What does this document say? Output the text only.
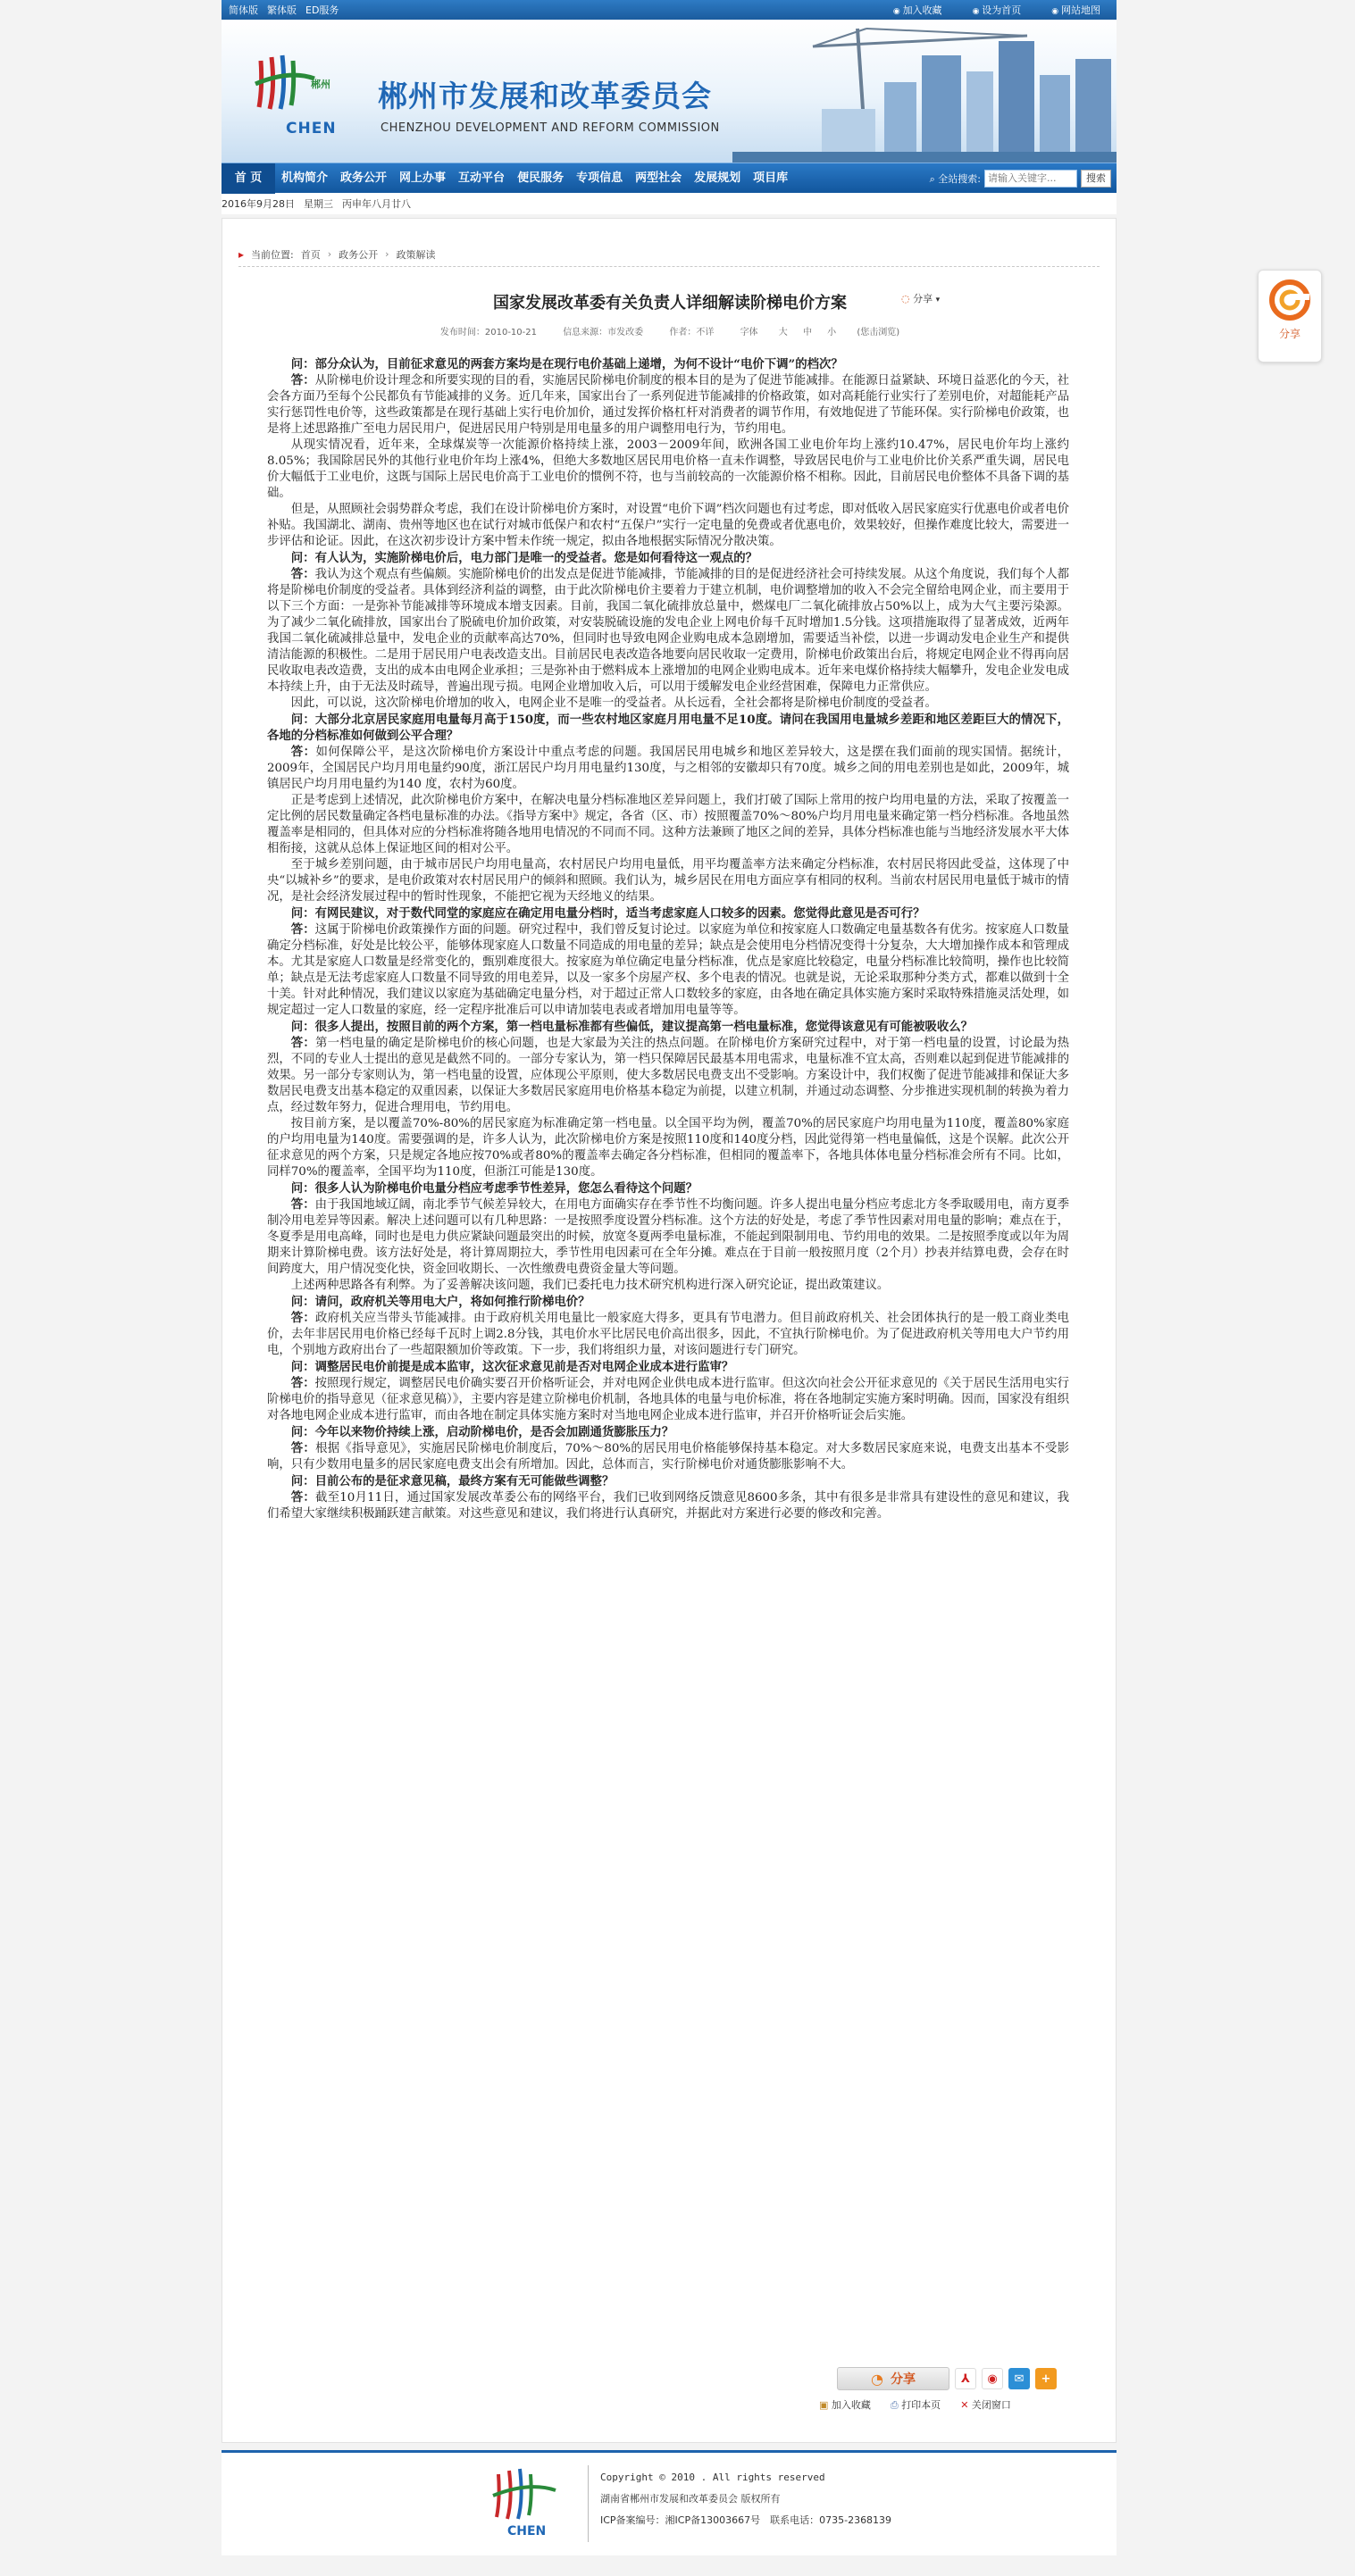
简体版 繁体版 ED服务	◉ 加入收藏	◉ 设为首页	◉ 网站地图
郴州
CHEN
郴州市发展和改革委员会
CHENZHOU DEVELOPMENT AND REFORM COMMISSION
首 页	机构简介	政务公开	网上办事	互动平台	便民服务	专项信息	两型社会	发展规划	项目库	⌕ 全站搜索:
请输入关键字...	搜索
2016年9月28日 星期三 丙申年八月廿八
▸ 当前位置: 首页 › 政务公开 › 政策解读
国家发展改革委有关负责人详细解读阶梯电价方案	◌ 分享 ▾
发布时间：2010-10-21	信息来源：市发改委	作者：不详	字体 大 中 小 (您击浏览)

问：部分众认为，目前征求意见的两套方案均是在现行电价基础上递增，为何不设计“电价下调”的档次？

答：从阶梯电价设计理念和所要实现的目的看，实施居民阶梯电价制度的根本目的是为了促进节能减排。在能源日益紧缺、环境日益恶化的今天，社会各方面乃至每个公民都负有节能减排的义务。近几年来，国家出台了一系列促进节能减排的价格政策，如对高耗能行业实行了差别电价，对超能耗产品实行惩罚性电价等，这些政策都是在现行基础上实行电价加价，通过发挥价格杠杆对消费者的调节作用，有效地促进了节能环保。实行阶梯电价政策，也是将上述思路推广至电力居民用户，促进居民用户特别是用电量多的用户调整用电行为，节约用电。

从现实情况看，近年来，全球煤炭等一次能源价格持续上涨，2003－2009年间，欧洲各国工业电价年均上涨约10.47%，居民电价年均上涨约8.05%；我国除居民外的其他行业电价年均上涨4%，但绝大多数地区居民用电价格一直未作调整，导致居民电价与工业电价比价关系严重失调，居民电价大幅低于工业电价，这既与国际上居民电价高于工业电价的惯例不符，也与当前较高的一次能源价格不相称。因此，目前居民电价整体不具备下调的基础。

但是，从照顾社会弱势群众考虑，我们在设计阶梯电价方案时，对设置“电价下调”档次问题也有过考虑，即对低收入居民家庭实行优惠电价或者电价补贴。我国湖北、湖南、贵州等地区也在试行对城市低保户和农村“五保户”实行一定电量的免费或者优惠电价，效果较好，但操作难度比较大，需要进一步评估和论证。因此，在这次初步设计方案中暂未作统一规定，拟由各地根据实际情况分散决策。

问：有人认为，实施阶梯电价后，电力部门是唯一的受益者。您是如何看待这一观点的？

答：我认为这个观点有些偏颇。实施阶梯电价的出发点是促进节能减排，节能减排的目的是促进经济社会可持续发展。从这个角度说，我们每个人都将是阶梯电价制度的受益者。具体到经济利益的调整，由于此次阶梯电价主要着力于建立机制，电价调整增加的收入不会完全留给电网企业，而主要用于以下三个方面：一是弥补节能减排等环境成本增支因素。目前，我国二氧化硫排放总量中，燃煤电厂二氧化硫排放占50%以上，成为大气主要污染源。为了减少二氧化硫排放，国家出台了脱硫电价加价政策，对安装脱硫设施的发电企业上网电价每千瓦时增加1.5分钱。这项措施取得了显著成效，近两年我国二氧化硫减排总量中，发电企业的贡献率高达70%，但同时也导致电网企业购电成本急剧增加，需要适当补偿，以进一步调动发电企业生产和提供清洁能源的积极性。二是用于居民用户电表改造支出。目前居民电表改造各地要向居民收取一定费用，阶梯电价政策出台后，将规定电网企业不得再向居民收取电表改造费，支出的成本由电网企业承担；三是弥补由于燃料成本上涨增加的电网企业购电成本。近年来电煤价格持续大幅攀升，发电企业发电成本持续上升，由于无法及时疏导，普遍出现亏损。电网企业增加收入后，可以用于缓解发电企业经营困难，保障电力正常供应。

因此，可以说，这次阶梯电价增加的收入，电网企业不是唯一的受益者。从长远看，全社会都将是阶梯电价制度的受益者。

问：大部分北京居民家庭用电量每月高于150度，而一些农村地区家庭月用电量不足10度。请问在我国用电量城乡差距和地区差距巨大的情况下，各地的分档标准如何做到公平合理？

答：如何保障公平，是这次阶梯电价方案设计中重点考虑的问题。我国居民用电城乡和地区差异较大，这是摆在我们面前的现实国情。据统计，2009年，全国居民户均月用电量约90度，浙江居民户均月用电量约130度，与之相邻的安徽却只有70度。城乡之间的用电差别也是如此，2009年，城镇居民户均月用电量约为140 度，农村为60度。

正是考虑到上述情况，此次阶梯电价方案中，在解决电量分档标准地区差异问题上，我们打破了国际上常用的按户均用电量的方法，采取了按覆盖一定比例的居民数量确定各档电量标准的办法。《指导方案中》规定，各省（区、市）按照覆盖70%～80%户均月用电量来确定第一档分档标准。各地虽然覆盖率是相同的，但具体对应的分档标准将随各地用电情况的不同而不同。这种方法兼顾了地区之间的差异，具体分档标准也能与当地经济发展水平大体相衔接，这就从总体上保证地区间的相对公平。

至于城乡差别问题，由于城市居民户均用电量高，农村居民户均用电量低，用平均覆盖率方法来确定分档标准，农村居民将因此受益，这体现了中央“以城补乡”的要求，是电价政策对农村居民用户的倾斜和照顾。我们认为，城乡居民在用电方面应享有相同的权利。当前农村居民用电量低于城市的情况，是社会经济发展过程中的暂时性现象，不能把它视为天经地义的结果。

问：有网民建议，对于数代同堂的家庭应在确定用电量分档时，适当考虑家庭人口较多的因素。您觉得此意见是否可行？

答：这属于阶梯电价政策操作方面的问题。研究过程中，我们曾反复讨论过。以家庭为单位和按家庭人口数确定电量基数各有优劣。按家庭人口数量确定分档标准，好处是比较公平，能够体现家庭人口数量不同造成的用电量的差异；缺点是会使用电分档情况变得十分复杂，大大增加操作成本和管理成本。尤其是家庭人口数量是经常变化的，甄别难度很大。按家庭为单位确定电量分档标准，优点是家庭比较稳定，电量分档标准比较简明，操作也比较简单；缺点是无法考虑家庭人口数量不同导致的用电差异，以及一家多个房屋产权、多个电表的情况。也就是说，无论采取那种分类方式，都难以做到十全十美。针对此种情况，我们建议以家庭为基础确定电量分档，对于超过正常人口数较多的家庭，由各地在确定具体实施方案时采取特殊措施灵活处理，如规定超过一定人口数量的家庭，经一定程序批准后可以申请加装电表或者增加用电量等等。

问：很多人提出，按照目前的两个方案，第一档电量标准都有些偏低，建议提高第一档电量标准，您觉得该意见有可能被吸收么？

答：第一档电量的确定是阶梯电价的核心问题，也是大家最为关注的热点问题。在阶梯电价方案研究过程中，对于第一档电量的设置，讨论最为热烈，不同的专业人士提出的意见是截然不同的。一部分专家认为，第一档只保障居民最基本用电需求，电量标准不宜太高，否则难以起到促进节能减排的效果。另一部分专家则认为，第一档电量的设置，应体现公平原则，使大多数居民电费支出不受影响。方案设计中，我们权衡了促进节能减排和保证大多数居民电费支出基本稳定的双重因素，以保证大多数居民家庭用电价格基本稳定为前提，以建立机制，并通过动态调整、分步推进实现机制的转换为着力点，经过数年努力，促进合理用电，节约用电。

按目前方案，是以覆盖70%-80%的居民家庭为标准确定第一档电量。以全国平均为例，覆盖70%的居民家庭户均用电量为110度，覆盖80%家庭的户均用电量为140度。需要强调的是，许多人认为，此次阶梯电价方案是按照110度和140度分档，因此觉得第一档电量偏低，这是个误解。此次公开征求意见的两个方案，只是规定各地应按70%或者80%的覆盖率去确定各分档标准，但相同的覆盖率下，各地具体体电量分档标准会所有不同。比如，同样70%的覆盖率，全国平均为110度，但浙江可能是130度。

问：很多人认为阶梯电价电量分档应考虑季节性差异，您怎么看待这个问题？

答：由于我国地域辽阔，南北季节气候差异较大，在用电方面确实存在季节性不均衡问题。许多人提出电量分档应考虑北方冬季取暖用电，南方夏季制冷用电差异等因素。解决上述问题可以有几种思路：一是按照季度设置分档标准。这个方法的好处是，考虑了季节性因素对用电量的影响；难点在于，冬夏季是用电高峰，同时也是电力供应紧缺问题最突出的时候，放宽冬夏两季电量标准，不能起到限制用电、节约用电的效果。二是按照季度或以年为周期来计算阶梯电费。该方法好处是，将计算周期拉大，季节性用电因素可在全年分摊。难点在于目前一般按照月度（2个月）抄表并结算电费，会存在时间跨度大，用户情况变化快，资金回收期长、一次性缴费电费资金量大等问题。

上述两种思路各有利弊。为了妥善解决该问题，我们已委托电力技术研究机构进行深入研究论证，提出政策建议。

问：请问，政府机关等用电大户，将如何推行阶梯电价？

答：政府机关应当带头节能减排。由于政府机关用电量比一般家庭大得多，更具有节电潜力。但目前政府机关、社会团体执行的是一般工商业类电价，去年非居民用电价格已经每千瓦时上调2.8分钱，其电价水平比居民电价高出很多，因此，不宜执行阶梯电价。为了促进政府机关等用电大户节约用电，个别地方政府出台了一些超限额加价等政策。下一步，我们将组织力量，对该问题进行专门研究。

问：调整居民电价前提是成本监审，这次征求意见前是否对电网企业成本进行监审？

答：按照现行规定，调整居民电价确实要召开价格听证会，并对电网企业供电成本进行监审。但这次向社会公开征求意见的《关于居民生活用电实行阶梯电价的指导意见（征求意见稿）》，主要内容是建立阶梯电价机制，各地具体的电量与电价标准，将在各地制定实施方案时明确。因而，国家没有组织对各地电网企业成本进行监审，而由各地在制定具体实施方案时对当地电网企业成本进行监审，并召开价格听证会后实施。

问：今年以来物价持续上涨，启动阶梯电价，是否会加剧通货膨胀压力？

答：根据《指导意见》，实施居民阶梯电价制度后，70%～80%的居民用电价格能够保持基本稳定。对大多数居民家庭来说，电费支出基本不受影响，只有少数用电量多的居民家庭电费支出会有所增加。因此，总体而言，实行阶梯电价对通货膨胀影响不大。

问：目前公布的是征求意见稿，最终方案有无可能做些调整？

答：截至10月11日，通过国家发展改革委公布的网络平台，我们已收到网络反馈意见8600多条，其中有很多是非常具有建设性的意见和建议，我们希望大家继续积极踊跃建言献策。对这些意见和建议，我们将进行认真研究，并据此对方案进行必要的修改和完善。

◔ 分享	⅄	◉	✉	+
▣ 加入收藏 ⎙ 打印本页 ✕ 关闭窗口
CHEN
Copyright © 2010 . All rights reserved
湖南省郴州市发展和改革委员会 版权所有
ICP备案编号：湘ICP备13003667号　联系电话：0735-2368139
分享
